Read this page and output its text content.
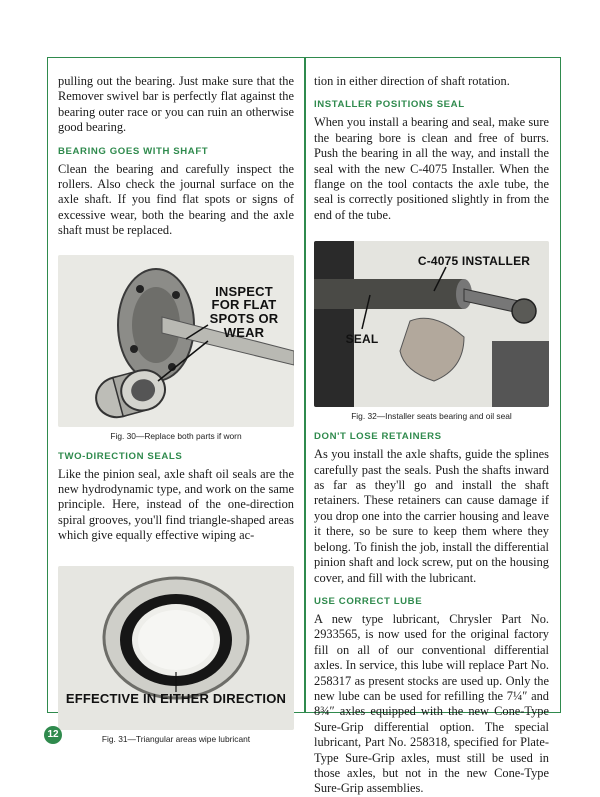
pulling out the bearing. Just make sure that the Remover swivel bar is perfectly flat against the bearing outer race or you can ruin an otherwise good bearing.

BEARING GOES WITH SHAFT

Clean the bearing and carefully inspect the rollers. Also check the journal surface on the axle shaft. If you find flat spots or signs of excessive wear, both the bearing and the axle shaft must be replaced.

INSPECT FOR FLAT SPOTS OR WEAR
Fig. 30—Replace both parts if worn
TWO-DIRECTION SEALS

Like the pinion seal, axle shaft oil seals are the new hydrodynamic type, and work on the same principle. Here, instead of the one-direction spiral grooves, you'll find triangle-shaped areas which give equally effective wiping ac-

EFFECTIVE IN EITHER DIRECTION
Fig. 31—Triangular areas wipe lubricant

tion in either direction of shaft rotation.

INSTALLER POSITIONS SEAL

When you install a bearing and seal, make sure the bearing bore is clean and free of burrs. Push the bearing in all the way, and install the seal with the new C-4075 Installer. When the flange on the tool contacts the axle tube, the seal is correctly positioned slightly in from the end of the tube.

C-4075 INSTALLER
SEAL
Fig. 32—Installer seats bearing and oil seal
DON'T LOSE RETAINERS

As you install the axle shafts, guide the splines carefully past the seals. Push the shafts inward as far as they'll go and install the shaft retainers. These retainers can cause damage if you drop one into the carrier housing and leave it there, so be sure to keep them where they belong. To finish the job, install the differential pinion shaft and lock screw, put on the housing cover, and fill with the lubricant.

USE CORRECT LUBE

A new type lubricant, Chrysler Part No. 2933565, is now used for the original factory fill on all of our conventional differential axles. In service, this lube will replace Part No. 258317 as present stocks are used up. Only the new lube can be used for refilling the 7¼″ and 8¾″ axles equipped with the new Cone-Type Sure-Grip differential option. The special lubricant, Part No. 258318, specified for Plate-Type Sure-Grip axles, must still be used in those axles, but not in the new Cone-Type Sure-Grip assemblies.

12
